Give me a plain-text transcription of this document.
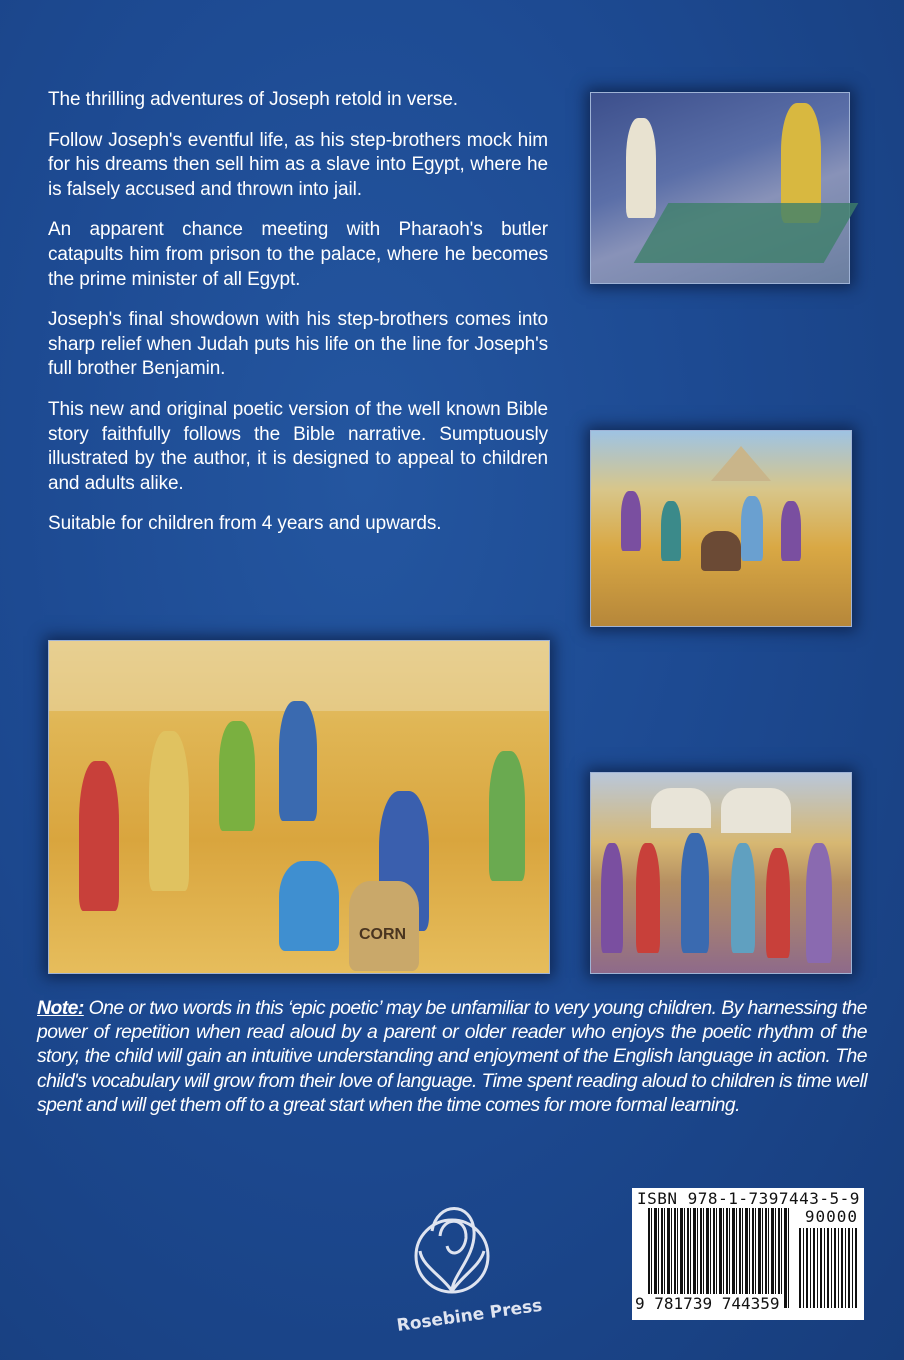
The thrilling adventures of Joseph retold in verse.

Follow Joseph's eventful life, as his step-brothers mock him for his dreams then sell him as a slave into Egypt, where he is falsely accused and thrown into jail.

An apparent chance meeting with Pharaoh's butler catapults him from prison to the palace, where he becomes the prime minister of all Egypt.

Joseph's final showdown with his step-brothers comes into sharp relief when Judah puts his life on the line for Joseph's full brother Benjamin.

This new and original poetic version of the well known Bible story faithfully follows the Bible narrative. Sumptuously illustrated by the author, it is designed to appeal to children and adults alike.

Suitable for children from 4 years and upwards.

CORN
Note: One or two words in this ‘epic poetic’ may be unfamiliar to very young children. By harnessing the power of repetition when read aloud by a parent or older reader who enjoys the poetic rhythm of the story, the child will gain an intuitive understanding and enjoyment of the English language in action. The child's vocabulary will grow from their love of language. Time spent reading aloud to children is time well spent and will get them off to a great start when the time comes for more formal learning.
Rosebine Press
ISBN 978-1-7397443-5-9
90000
9 781739 744359
